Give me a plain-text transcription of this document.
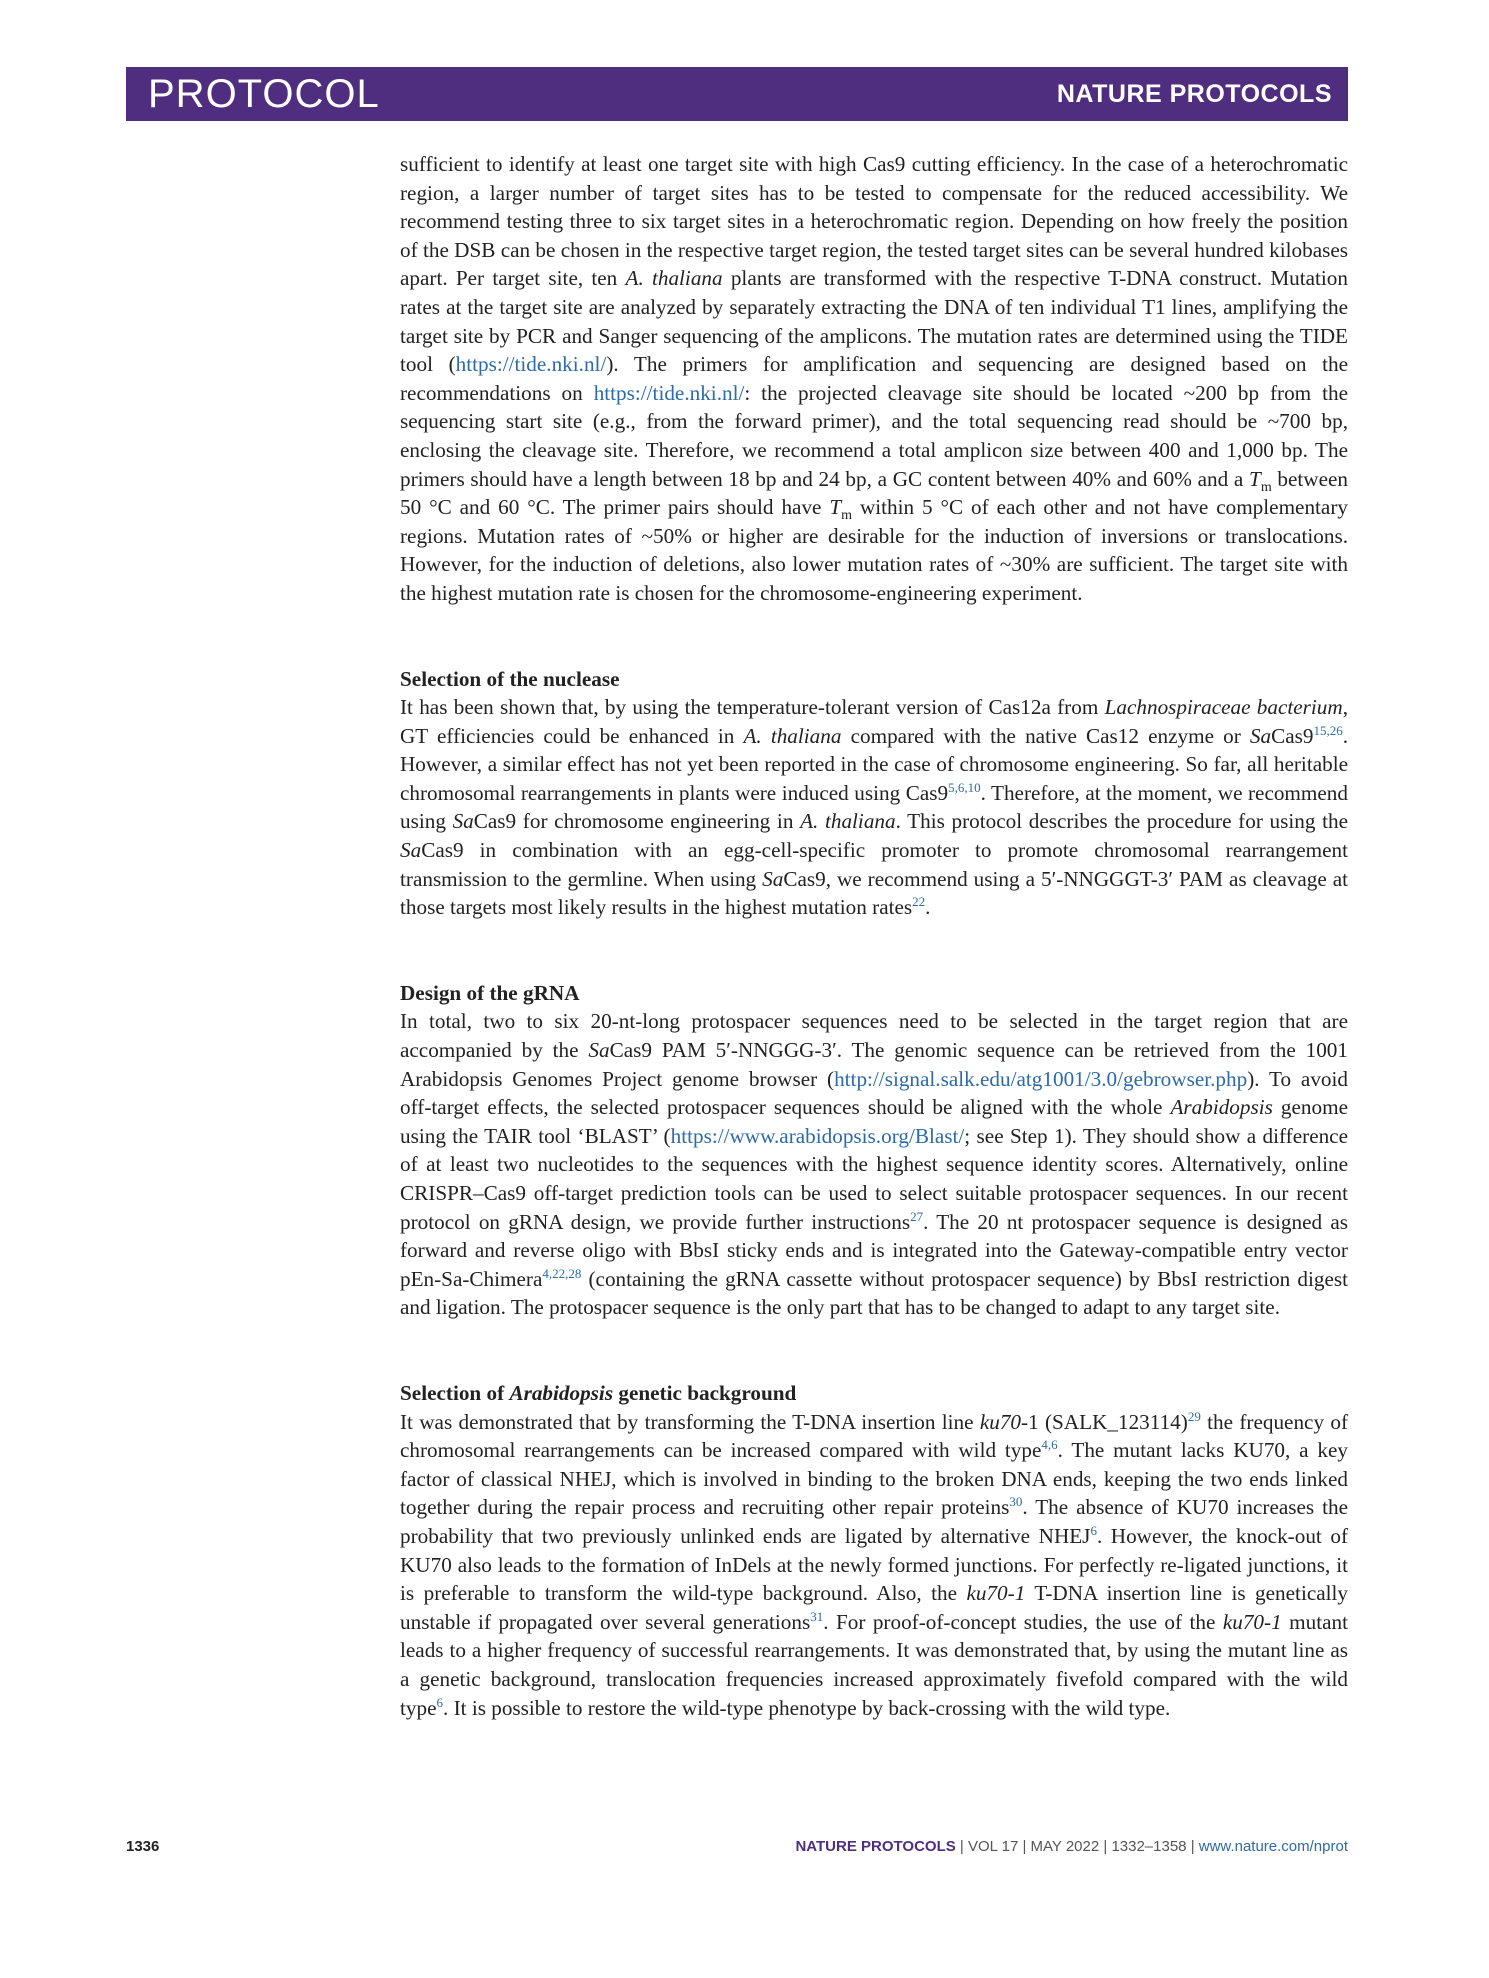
PROTOCOL	NATURE PROTOCOLS

sufficient to identify at least one target site with high Cas9 cutting efficiency. In the case of a heterochromatic region, a larger number of target sites has to be tested to compensate for the reduced accessibility. We recommend testing three to six target sites in a heterochromatic region. Depending on how freely the position of the DSB can be chosen in the respective target region, the tested target sites can be several hundred kilobases apart. Per target site, ten A. thaliana plants are transformed with the respective T-DNA construct. Mutation rates at the target site are analyzed by separately extracting the DNA of ten individual T1 lines, amplifying the target site by PCR and Sanger sequencing of the amplicons. The mutation rates are determined using the TIDE tool (https://tide.nki.nl/). The primers for amplification and sequencing are designed based on the recommendations on https://tide.nki.nl/: the projected cleavage site should be located ~200 bp from the sequencing start site (e.g., from the forward primer), and the total sequencing read should be ~700 bp, enclosing the cleavage site. Therefore, we recommend a total amplicon size between 400 and 1,000 bp. The primers should have a length between 18 bp and 24 bp, a GC content between 40% and 60% and a $T_m$ between 50 °C and 60 °C. The primer pairs should have $T_m$ within 5 °C of each other and not have complementary regions. Mutation rates of ~50% or higher are desirable for the induction of inversions or translocations. However, for the induction of deletions, also lower mutation rates of ~30% are sufficient. The target site with the highest mutation rate is chosen for the chromosome-engineering experiment.

Selection of the nuclease

It has been shown that, by using the temperature-tolerant version of Cas12a from Lachnospiraceae bacterium, GT efficiencies could be enhanced in A. thaliana compared with the native Cas12 enzyme or SaCas9$^{15,26}$. However, a similar effect has not yet been reported in the case of chromosome engineering. So far, all heritable chromosomal rearrangements in plants were induced using Cas9$^{5,6,10}$. Therefore, at the moment, we recommend using SaCas9 for chromosome engineering in A. thaliana. This protocol describes the procedure for using the SaCas9 in combination with an egg-cell-specific promoter to promote chromosomal rearrangement transmission to the germline. When using SaCas9, we recommend using a 5′-NNGGGT-3′ PAM as cleavage at those targets most likely results in the highest mutation rates$^{22}$.

Design of the gRNA

In total, two to six 20-nt-long protospacer sequences need to be selected in the target region that are accompanied by the SaCas9 PAM 5′-NNGGG-3′. The genomic sequence can be retrieved from the 1001 Arabidopsis Genomes Project genome browser (http://signal.salk.edu/atg1001/3.0/gebrowser.php). To avoid off-target effects, the selected protospacer sequences should be aligned with the whole Arabidopsis genome using the TAIR tool ‘BLAST’ (https://www.arabidopsis.org/Blast/; see Step 1). They should show a difference of at least two nucleotides to the sequences with the highest sequence identity scores. Alternatively, online CRISPR–Cas9 off-target prediction tools can be used to select suitable protospacer sequences. In our recent protocol on gRNA design, we provide further instructions$^{27}$. The 20 nt protospacer sequence is designed as forward and reverse oligo with BbsI sticky ends and is integrated into the Gateway-compatible entry vector pEn-Sa-Chimera$^{4,22,28}$ (containing the gRNA cassette without protospacer sequence) by BbsI restriction digest and ligation. The protospacer sequence is the only part that has to be changed to adapt to any target site.

Selection of Arabidopsis genetic background

It was demonstrated that by transforming the T-DNA insertion line ku70-1 (SALK_123114)$^{29}$ the frequency of chromosomal rearrangements can be increased compared with wild type$^{4,6}$. The mutant lacks KU70, a key factor of classical NHEJ, which is involved in binding to the broken DNA ends, keeping the two ends linked together during the repair process and recruiting other repair proteins$^{30}$. The absence of KU70 increases the probability that two previously unlinked ends are ligated by alternative NHEJ$^6$. However, the knock-out of KU70 also leads to the formation of InDels at the newly formed junctions. For perfectly re-ligated junctions, it is preferable to transform the wild-type background. Also, the ku70-1 T-DNA insertion line is genetically unstable if propagated over several generations$^{31}$. For proof-of-concept studies, the use of the ku70-1 mutant leads to a higher frequency of successful rearrangements. It was demonstrated that, by using the mutant line as a genetic background, translocation frequencies increased approximately fivefold compared with the wild type$^6$. It is possible to restore the wild-type phenotype by back-crossing with the wild type.

1336	NATURE PROTOCOLS | VOL 17 | MAY 2022 | 1332–1358 | www.nature.com/nprot
